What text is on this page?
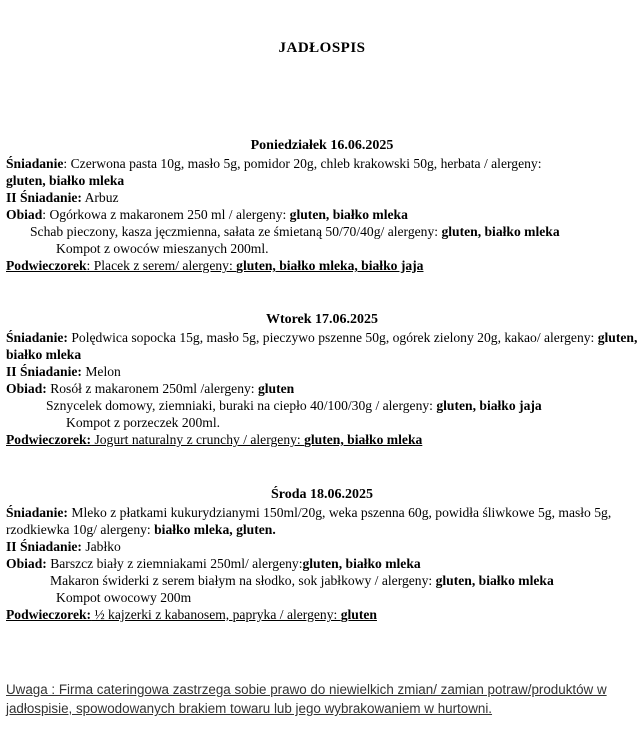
JADŁOSPIS
Poniedziałek 16.06.2025
Śniadanie: Czerwona pasta 10g, masło 5g, pomidor 20g, chleb krakowski 50g, herbata / alergeny:
gluten, białko mleka
II Śniadanie: Arbuz
Obiad: Ogórkowa z makaronem 250 ml / alergeny: gluten, białko mleka
Schab pieczony, kasza jęczmienna, sałata ze śmietaną 50/70/40g/ alergeny: gluten, białko mleka
Kompot z owoców mieszanych 200ml.
Podwieczorek: Placek z serem/ alergeny: gluten, białko mleka, białko jaja
Wtorek 17.06.2025
Śniadanie: Polędwica sopocka 15g, masło 5g, pieczywo pszenne 50g, ogórek zielony 20g, kakao/ alergeny: gluten, białko mleka
II Śniadanie: Melon
Obiad: Rosół z makaronem 250ml /alergeny: gluten
Sznycelek domowy, ziemniaki, buraki na ciepło 40/100/30g / alergeny: gluten, białko jaja
Kompot z porzeczek 200ml.
Podwieczorek: Jogurt naturalny z crunchy / alergeny: gluten, białko mleka
Środa 18.06.2025
Śniadanie: Mleko z płatkami kukurydzianymi 150ml/20g, weka pszenna 60g, powidła śliwkowe 5g, masło 5g, rzodkiewka 10g/ alergeny: białko mleka, gluten.
II Śniadanie: Jabłko
Obiad: Barszcz biały z ziemniakami 250ml/ alergeny:gluten, białko mleka
Makaron świderki z serem białym na słodko, sok jabłkowy / alergeny: gluten, białko mleka
Kompot owocowy 200m
Podwieczorek: ½ kajzerki z kabanosem, papryka / alergeny: gluten
Uwaga : Firma cateringowa zastrzega sobie prawo do niewielkich zmian/ zamian potraw/produktów w jadłospisie, spowodowanych brakiem towaru lub jego wybrakowaniem w hurtowni.
